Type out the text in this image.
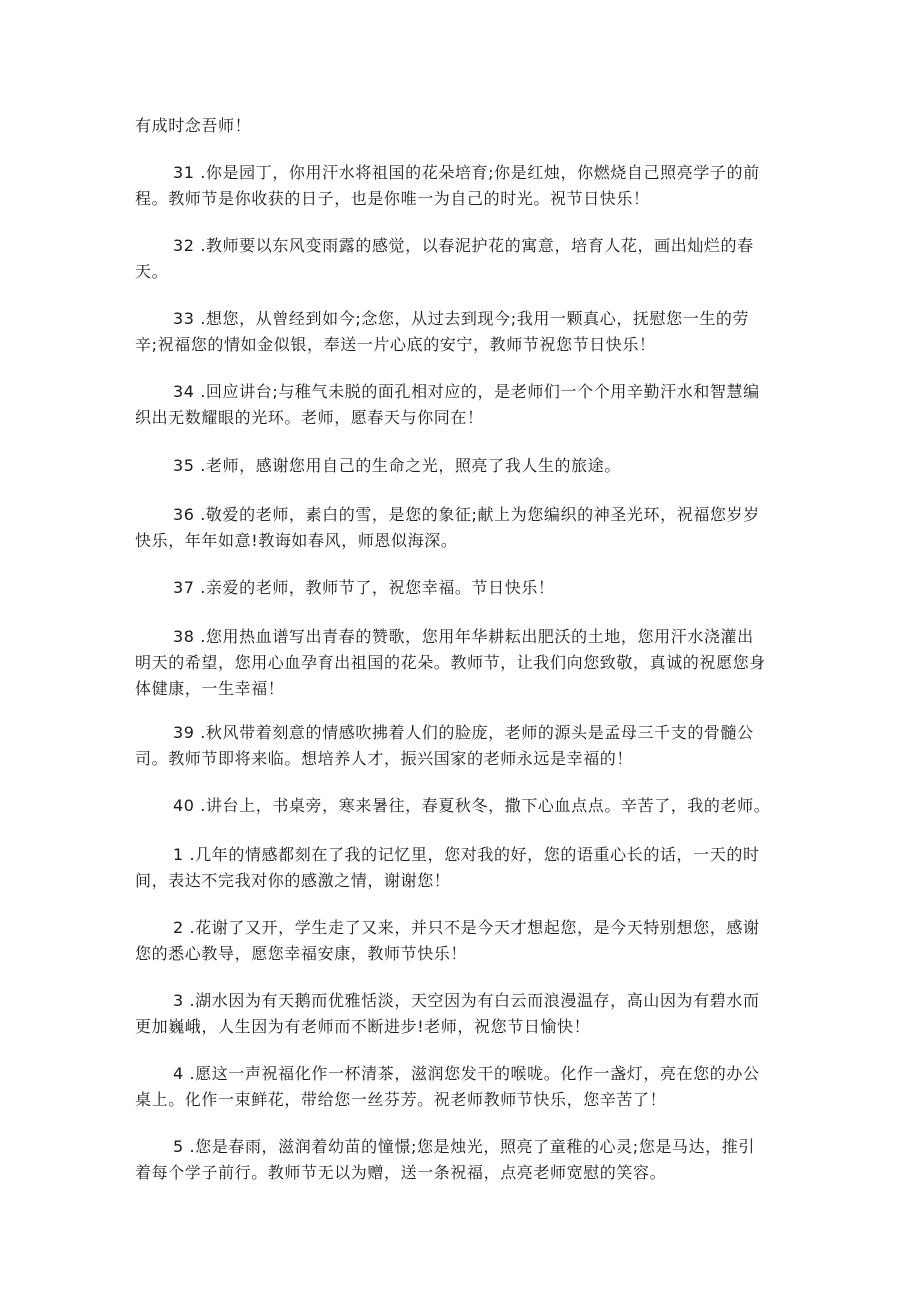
有成时念吾师！
31 .你是园丁，你用汗水将祖国的花朵培育;你是红烛，你燃烧自己照亮学子的前
程。教师节是你收获的日子，也是你唯一为自己的时光。祝节日快乐！
32 .教师要以东风变雨露的感觉，以春泥护花的寓意，培育人花，画出灿烂的春
天。
33 .想您，从曾经到如今;念您，从过去到现今;我用一颗真心，抚慰您一生的劳
辛;祝福您的情如金似银，奉送一片心底的安宁，教师节祝您节日快乐！
34 .回应讲台;与稚气未脱的面孔相对应的，是老师们一个个用辛勤汗水和智慧编
织出无数耀眼的光环。老师，愿春天与你同在！
35 .老师，感谢您用自己的生命之光，照亮了我人生的旅途。
36 .敬爱的老师，素白的雪，是您的象征;献上为您编织的神圣光环，祝福您岁岁
快乐，年年如意!教诲如春风，师恩似海深。
37 .亲爱的老师，教师节了，祝您幸福。节日快乐！
38 .您用热血谱写出青春的赞歌，您用年华耕耘出肥沃的土地，您用汗水浇灌出
明天的希望，您用心血孕育出祖国的花朵。教师节，让我们向您致敬，真诚的祝愿您身
体健康，一生幸福！
39 .秋风带着刻意的情感吹拂着人们的脸庞，老师的源头是孟母三千支的骨髓公
司。教师节即将来临。想培养人才，振兴国家的老师永远是幸福的！
40 .讲台上，书桌旁，寒来暑往，春夏秋冬，撒下心血点点。辛苦了，我的老师。
1 .几年的情感都刻在了我的记忆里，您对我的好，您的语重心长的话，一天的时
间，表达不完我对你的感激之情，谢谢您！
2 .花谢了又开，学生走了又来，并只不是今天才想起您，是今天特别想您，感谢
您的悉心教导，愿您幸福安康，教师节快乐！
3 .湖水因为有天鹅而优雅恬淡，天空因为有白云而浪漫温存，高山因为有碧水而
更加巍峨，人生因为有老师而不断进步!老师，祝您节日愉快！
4 .愿这一声祝福化作一杯清茶，滋润您发干的喉咙。化作一盏灯，亮在您的办公
桌上。化作一束鲜花，带给您一丝芬芳。祝老师教师节快乐，您辛苦了！
5 .您是春雨，滋润着幼苗的憧憬;您是烛光，照亮了童稚的心灵;您是马达，推引
着每个学子前行。教师节无以为赠，送一条祝福，点亮老师宽慰的笑容。
